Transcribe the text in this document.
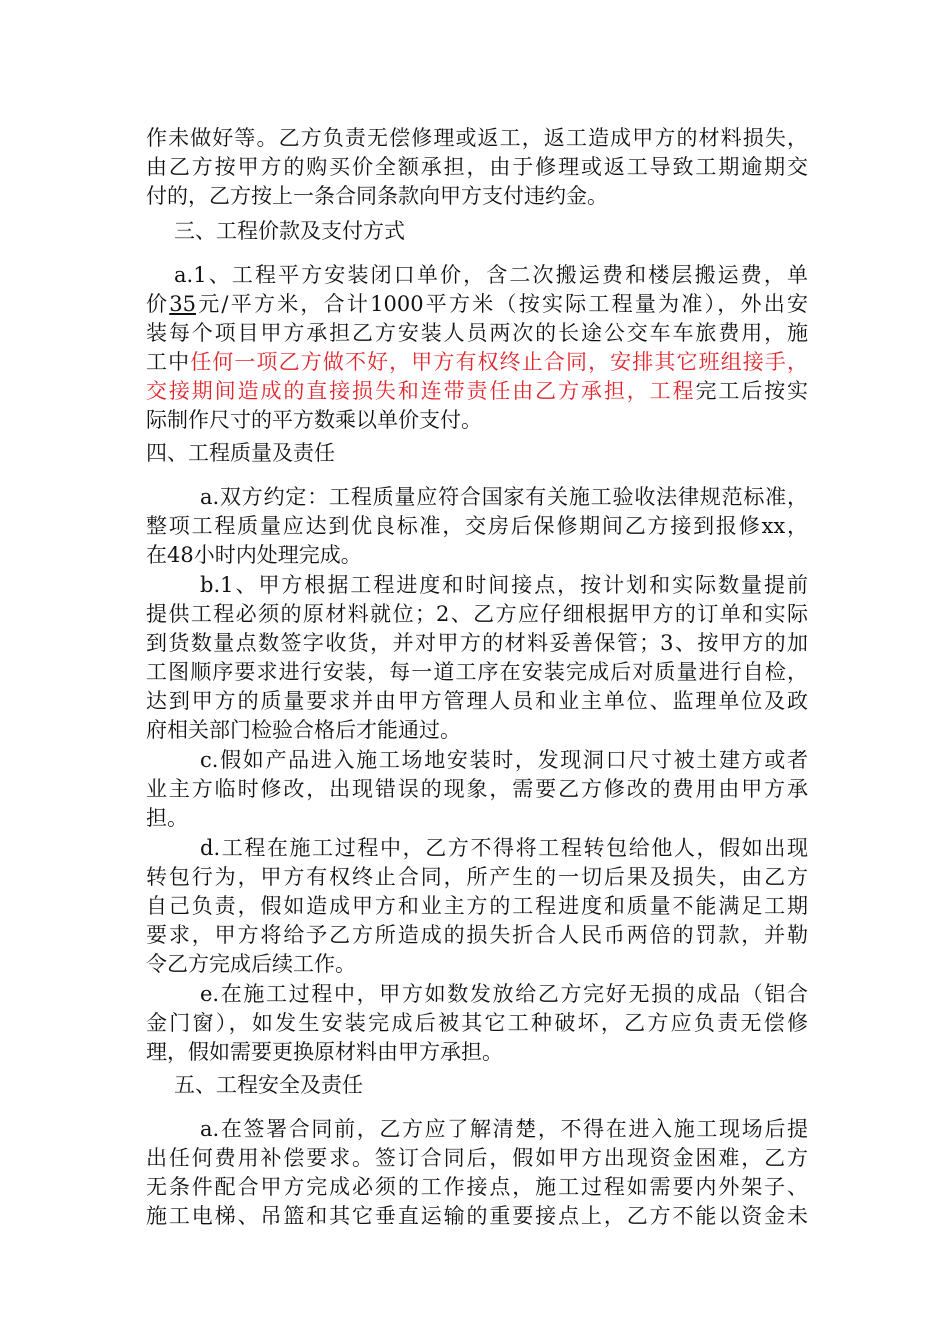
作未做好等。乙方负责无偿修理或返工，返工造成甲方的材料损失，
由乙方按甲方的购买价全额承担，由于修理或返工导致工期逾期交
付的，乙方按上一条合同条款向甲方支付违约金。
三、工程价款及支付方式
a.1、工程平方安装闭口单价，含二次搬运费和楼层搬运费，单
价35元/平方米，合计1000平方米（按实际工程量为准），外出安
装每个项目甲方承担乙方安装人员两次的长途公交车车旅费用，施
工中任何一项乙方做不好，甲方有权终止合同，安排其它班组接手，
交接期间造成的直接损失和连带责任由乙方承担，工程完工后按实
际制作尺寸的平方数乘以单价支付。
四、工程质量及责任
a.双方约定：工程质量应符合国家有关施工验收法律规范标准，
整项工程质量应达到优良标准，交房后保修期间乙方接到报修xx，
在48小时内处理完成。
b.1、甲方根据工程进度和时间接点，按计划和实际数量提前
提供工程必须的原材料就位；2、乙方应仔细根据甲方的订单和实际
到货数量点数签字收货，并对甲方的材料妥善保管；3、按甲方的加
工图顺序要求进行安装，每一道工序在安装完成后对质量进行自检，
达到甲方的质量要求并由甲方管理人员和业主单位、监理单位及政
府相关部门检验合格后才能通过。
c.假如产品进入施工场地安装时，发现洞口尺寸被土建方或者
业主方临时修改，出现错误的现象，需要乙方修改的费用由甲方承
担。
d.工程在施工过程中，乙方不得将工程转包给他人，假如出现
转包行为，甲方有权终止合同，所产生的一切后果及损失，由乙方
自己负责，假如造成甲方和业主方的工程进度和质量不能满足工期
要求，甲方将给予乙方所造成的损失折合人民币两倍的罚款，并勒
令乙方完成后续工作。
e.在施工过程中，甲方如数发放给乙方完好无损的成品（铝合
金门窗），如发生安装完成后被其它工种破坏，乙方应负责无偿修
理，假如需要更换原材料由甲方承担。
五、工程安全及责任
a.在签署合同前，乙方应了解清楚，不得在进入施工现场后提
出任何费用补偿要求。签订合同后，假如甲方出现资金困难，乙方
无条件配合甲方完成必须的工作接点，施工过程如需要内外架子、
施工电梯、吊篮和其它垂直运输的重要接点上，乙方不能以资金未
